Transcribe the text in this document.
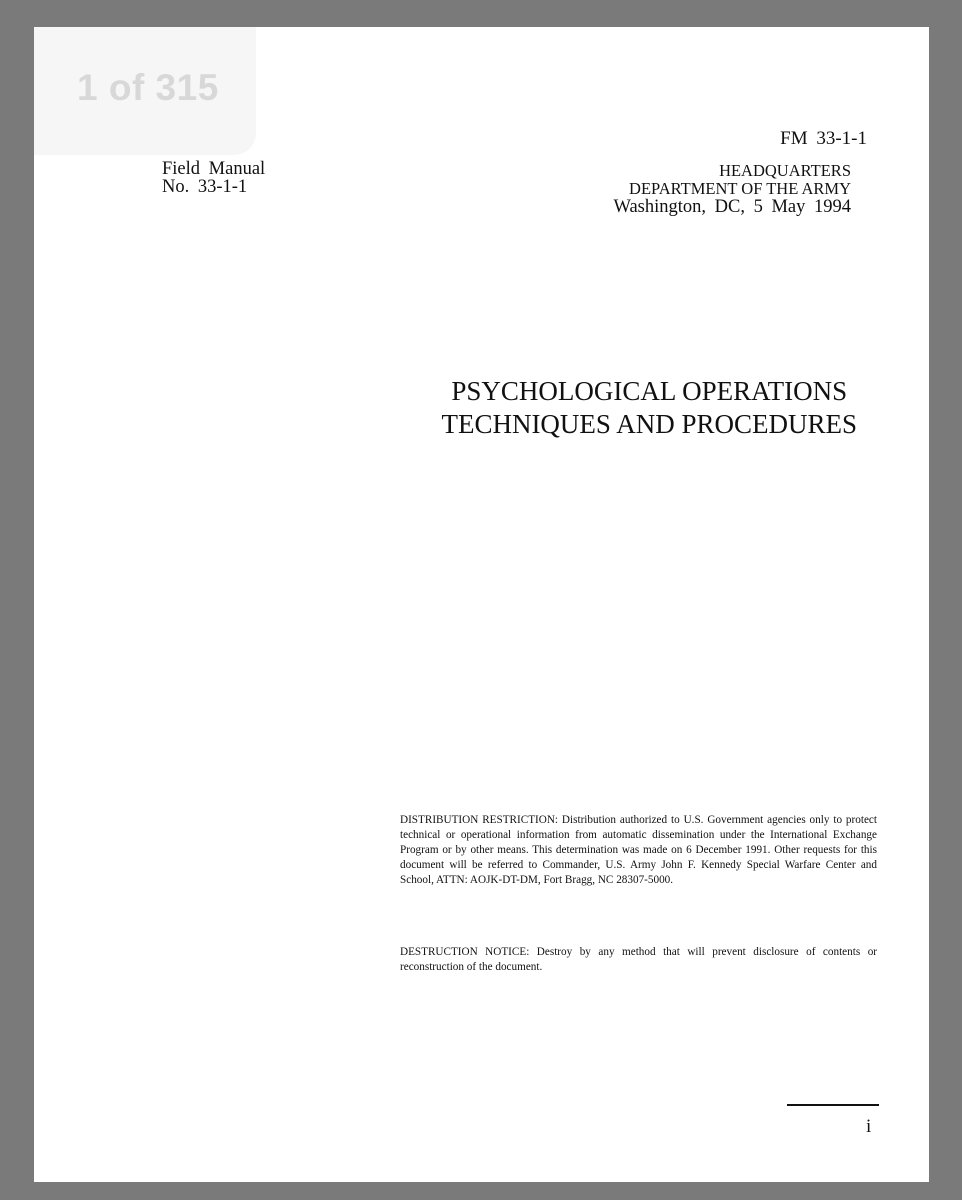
1 of 315
FM 33-1-1
Field Manual
No. 33-1-1
HEADQUARTERS
DEPARTMENT OF THE ARMY
Washington, DC, 5 May 1994
PSYCHOLOGICAL OPERATIONS
TECHNIQUES AND PROCEDURES
DISTRIBUTION RESTRICTION: Distribution authorized to U.S. Government agencies only to protect technical or operational information from automatic dissemination under the International Exchange Program or by other means. This determination was made on 6 December 1991. Other requests for this document will be referred to Commander, U.S. Army John F. Kennedy Special Warfare Center and School, ATTN: AOJK-DT-DM, Fort Bragg, NC 28307-5000.
DESTRUCTION NOTICE: Destroy by any method that will prevent disclosure of contents or reconstruction of the document.
i
